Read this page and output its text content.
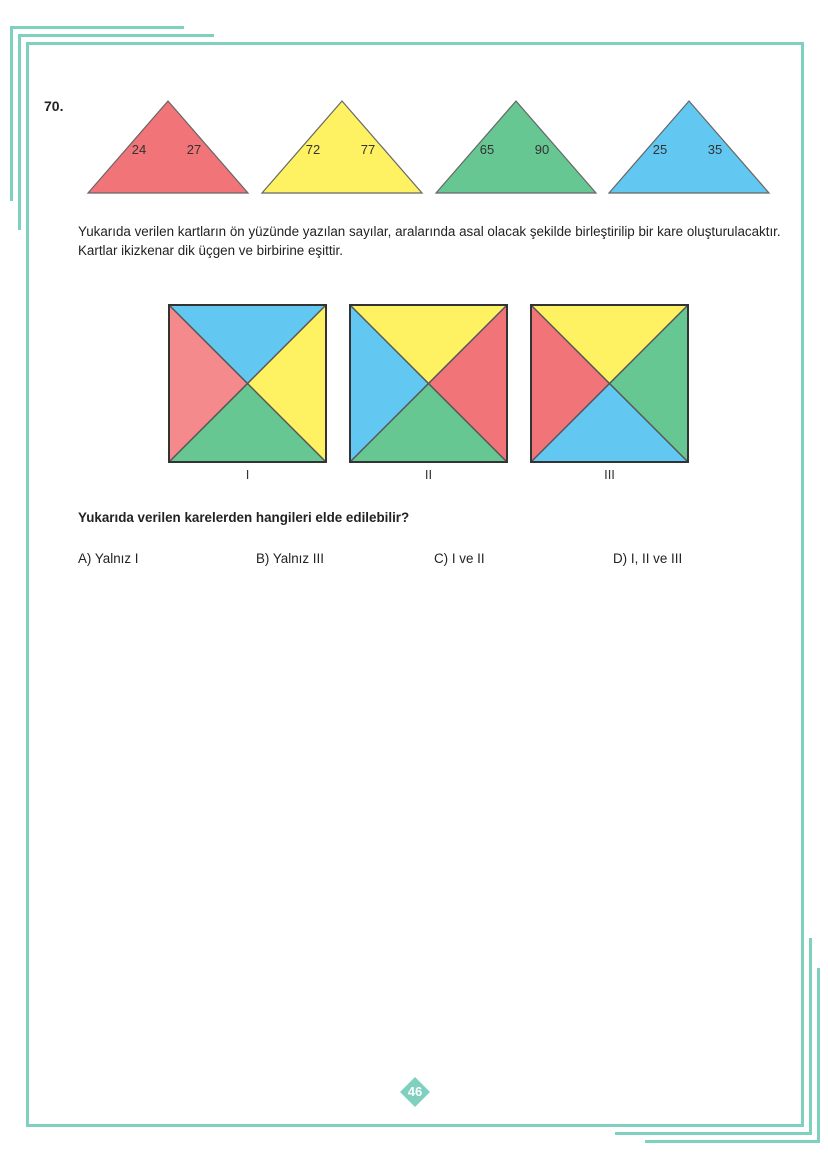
70.
24	27	72	77	65	90	25	35
I	II	III
Yukarıda verilen kartların ön yüzünde yazılan sayılar, aralarında asal olacak şekilde birleştirilip bir kare oluşturulacaktır. Kartlar ikizkenar dik üçgen ve birbirine eşittir.
Yukarıda verilen karelerden hangileri elde edilebilir?
A) Yalnız I	B) Yalnız III	C) I ve II	D) I, II ve III
46
